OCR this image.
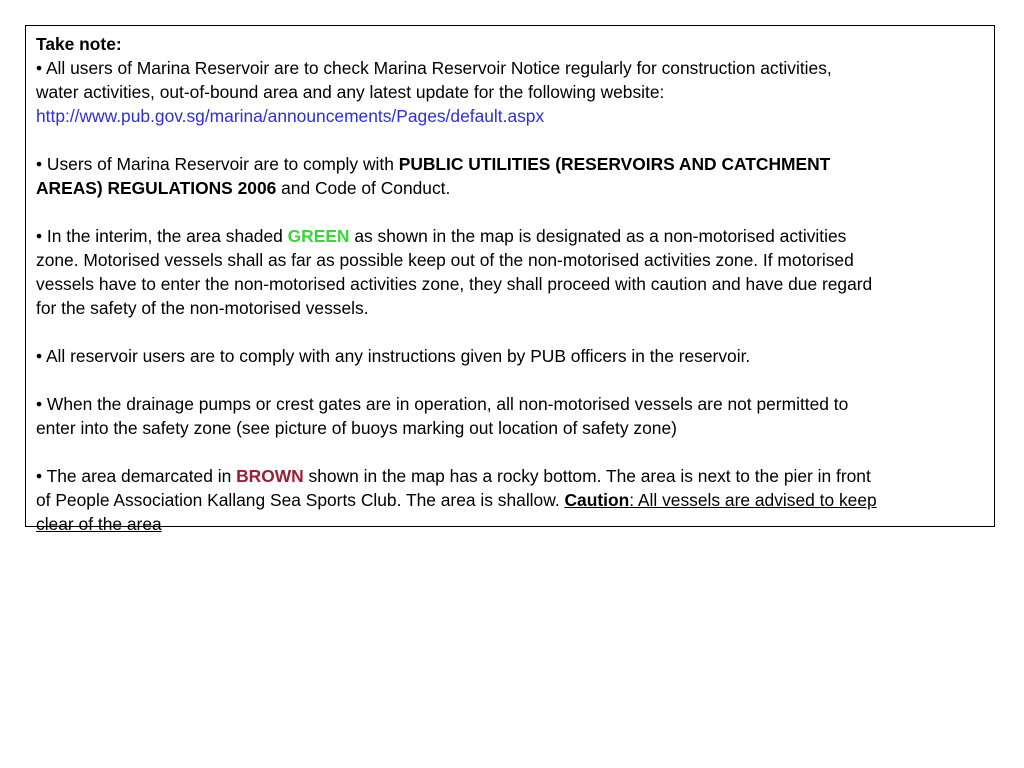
Take note:
• All users of Marina Reservoir are to check Marina Reservoir Notice regularly for construction activities,
water activities, out-of-bound area and any latest update for the following website:
http://www.pub.gov.sg/marina/announcements/Pages/default.aspx
• Users of Marina Reservoir are to comply with PUBLIC UTILITIES (RESERVOIRS AND CATCHMENT
AREAS) REGULATIONS 2006 and Code of Conduct.
• In the interim, the area shaded GREEN as shown in the map is designated as a non-motorised activities
zone. Motorised vessels shall as far as possible keep out of the non-motorised activities zone. If motorised
vessels have to enter the non-motorised activities zone, they shall proceed with caution and have due regard
for the safety of the non-motorised vessels.
• All reservoir users are to comply with any instructions given by PUB officers in the reservoir.
• When the drainage pumps or crest gates are in operation, all non-motorised vessels are not permitted to
enter into the safety zone (see picture of buoys marking out location of safety zone)
• The area demarcated in BROWN shown in the map has a rocky bottom. The area is next to the pier in front
of People Association Kallang Sea Sports Club. The area is shallow. Caution: All vessels are advised to keep
clear of the area
